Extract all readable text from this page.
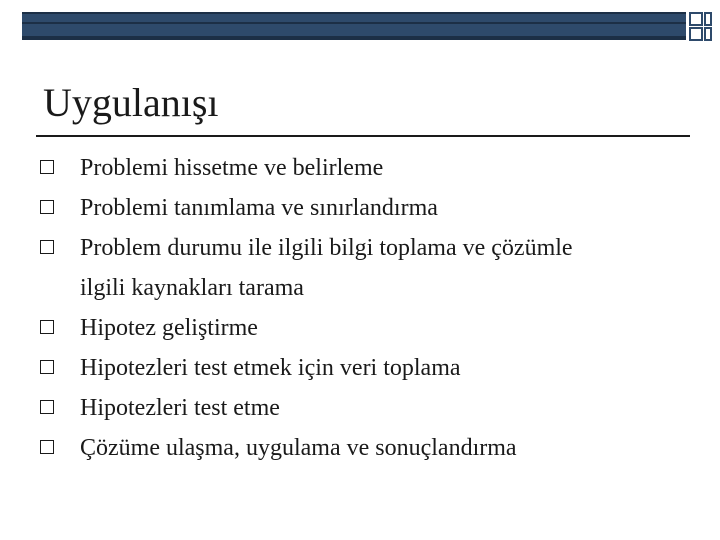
Uygulanışı
Problemi hissetme ve belirleme
Problemi tanımlama ve sınırlandırma
Problem durumu ile ilgili bilgi toplama ve çözümle
ilgili kaynakları tarama
Hipotez geliştirme
Hipotezleri test etmek için veri toplama
Hipotezleri test etme
Çözüme ulaşma, uygulama ve sonuçlandırma
